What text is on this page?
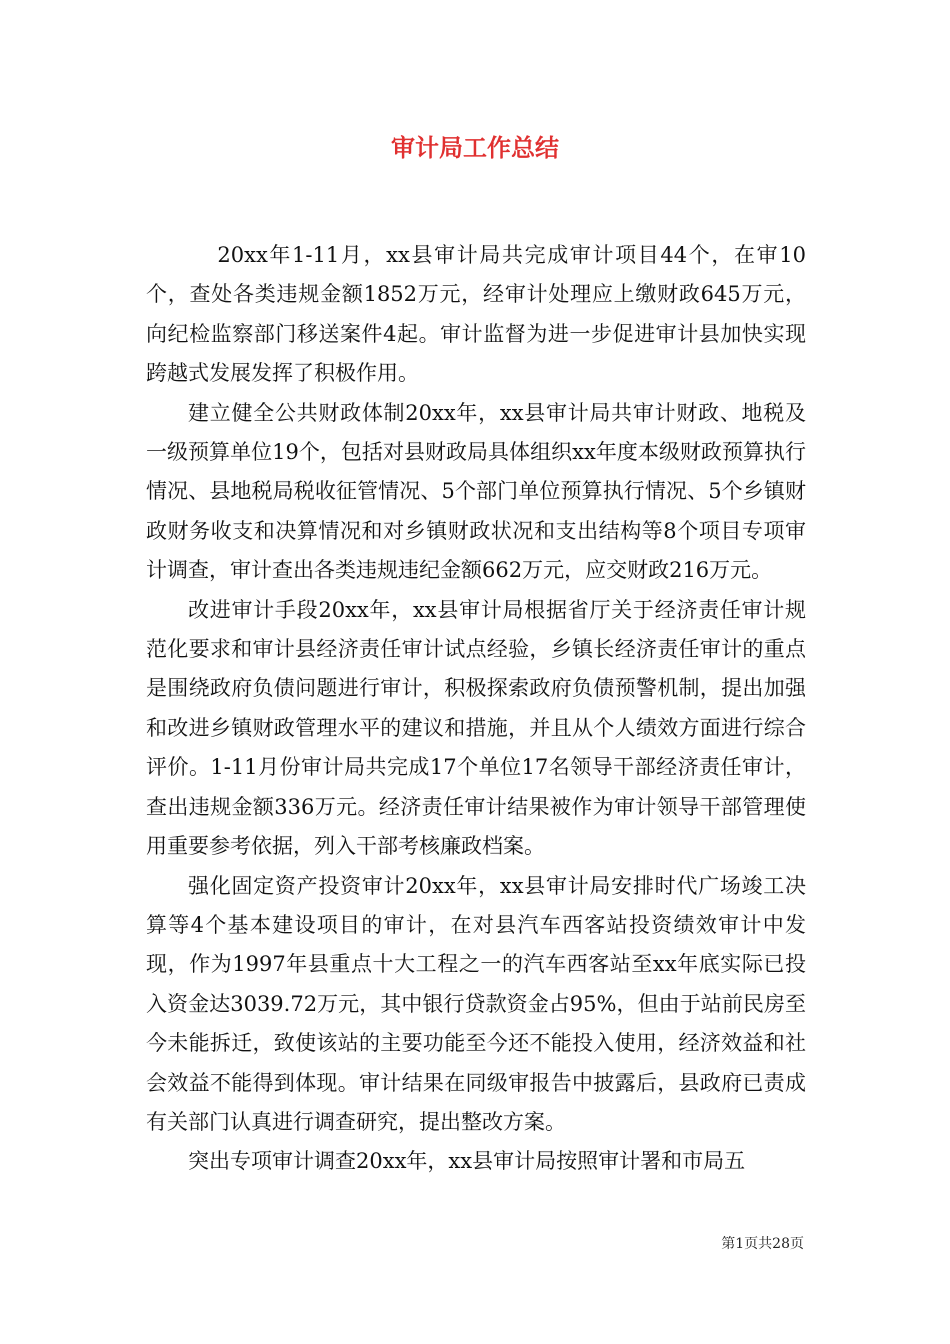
审计局工作总结

20xx年1-11月，xx县审计局共完成审计项目44个，在审10个，查处各类违规金额1852万元，经审计处理应上缴财政645万元，向纪检监察部门移送案件4起。审计监督为进一步促进审计县加快实现跨越式发展发挥了积极作用。

建立健全公共财政体制20xx年，xx县审计局共审计财政、地税及一级预算单位19个，包括对县财政局具体组织xx年度本级财政预算执行情况、县地税局税收征管情况、5个部门单位预算执行情况、5个乡镇财政财务收支和决算情况和对乡镇财政状况和支出结构等8个项目专项审计调查，审计查出各类违规违纪金额662万元，应交财政216万元。

改进审计手段20xx年，xx县审计局根据省厅关于经济责任审计规范化要求和审计县经济责任审计试点经验，乡镇长经济责任审计的重点是围绕政府负债问题进行审计，积极探索政府负债预警机制，提出加强和改进乡镇财政管理水平的建议和措施，并且从个人绩效方面进行综合评价。1-11月份审计局共完成17个单位17名领导干部经济责任审计，查出违规金额336万元。经济责任审计结果被作为审计领导干部管理使用重要参考依据，列入干部考核廉政档案。

强化固定资产投资审计20xx年，xx县审计局安排时代广场竣工决算等4个基本建设项目的审计，在对县汽车西客站投资绩效审计中发现，作为1997年县重点十大工程之一的汽车西客站至xx年底实际已投入资金达3039.72万元，其中银行贷款资金占95%，但由于站前民房至今未能拆迁，致使该站的主要功能至今还不能投入使用，经济效益和社会效益不能得到体现。审计结果在同级审报告中披露后，县政府已责成有关部门认真进行调查研究，提出整改方案。

突出专项审计调查20xx年，xx县审计局按照审计署和市局五

第1页共28页
